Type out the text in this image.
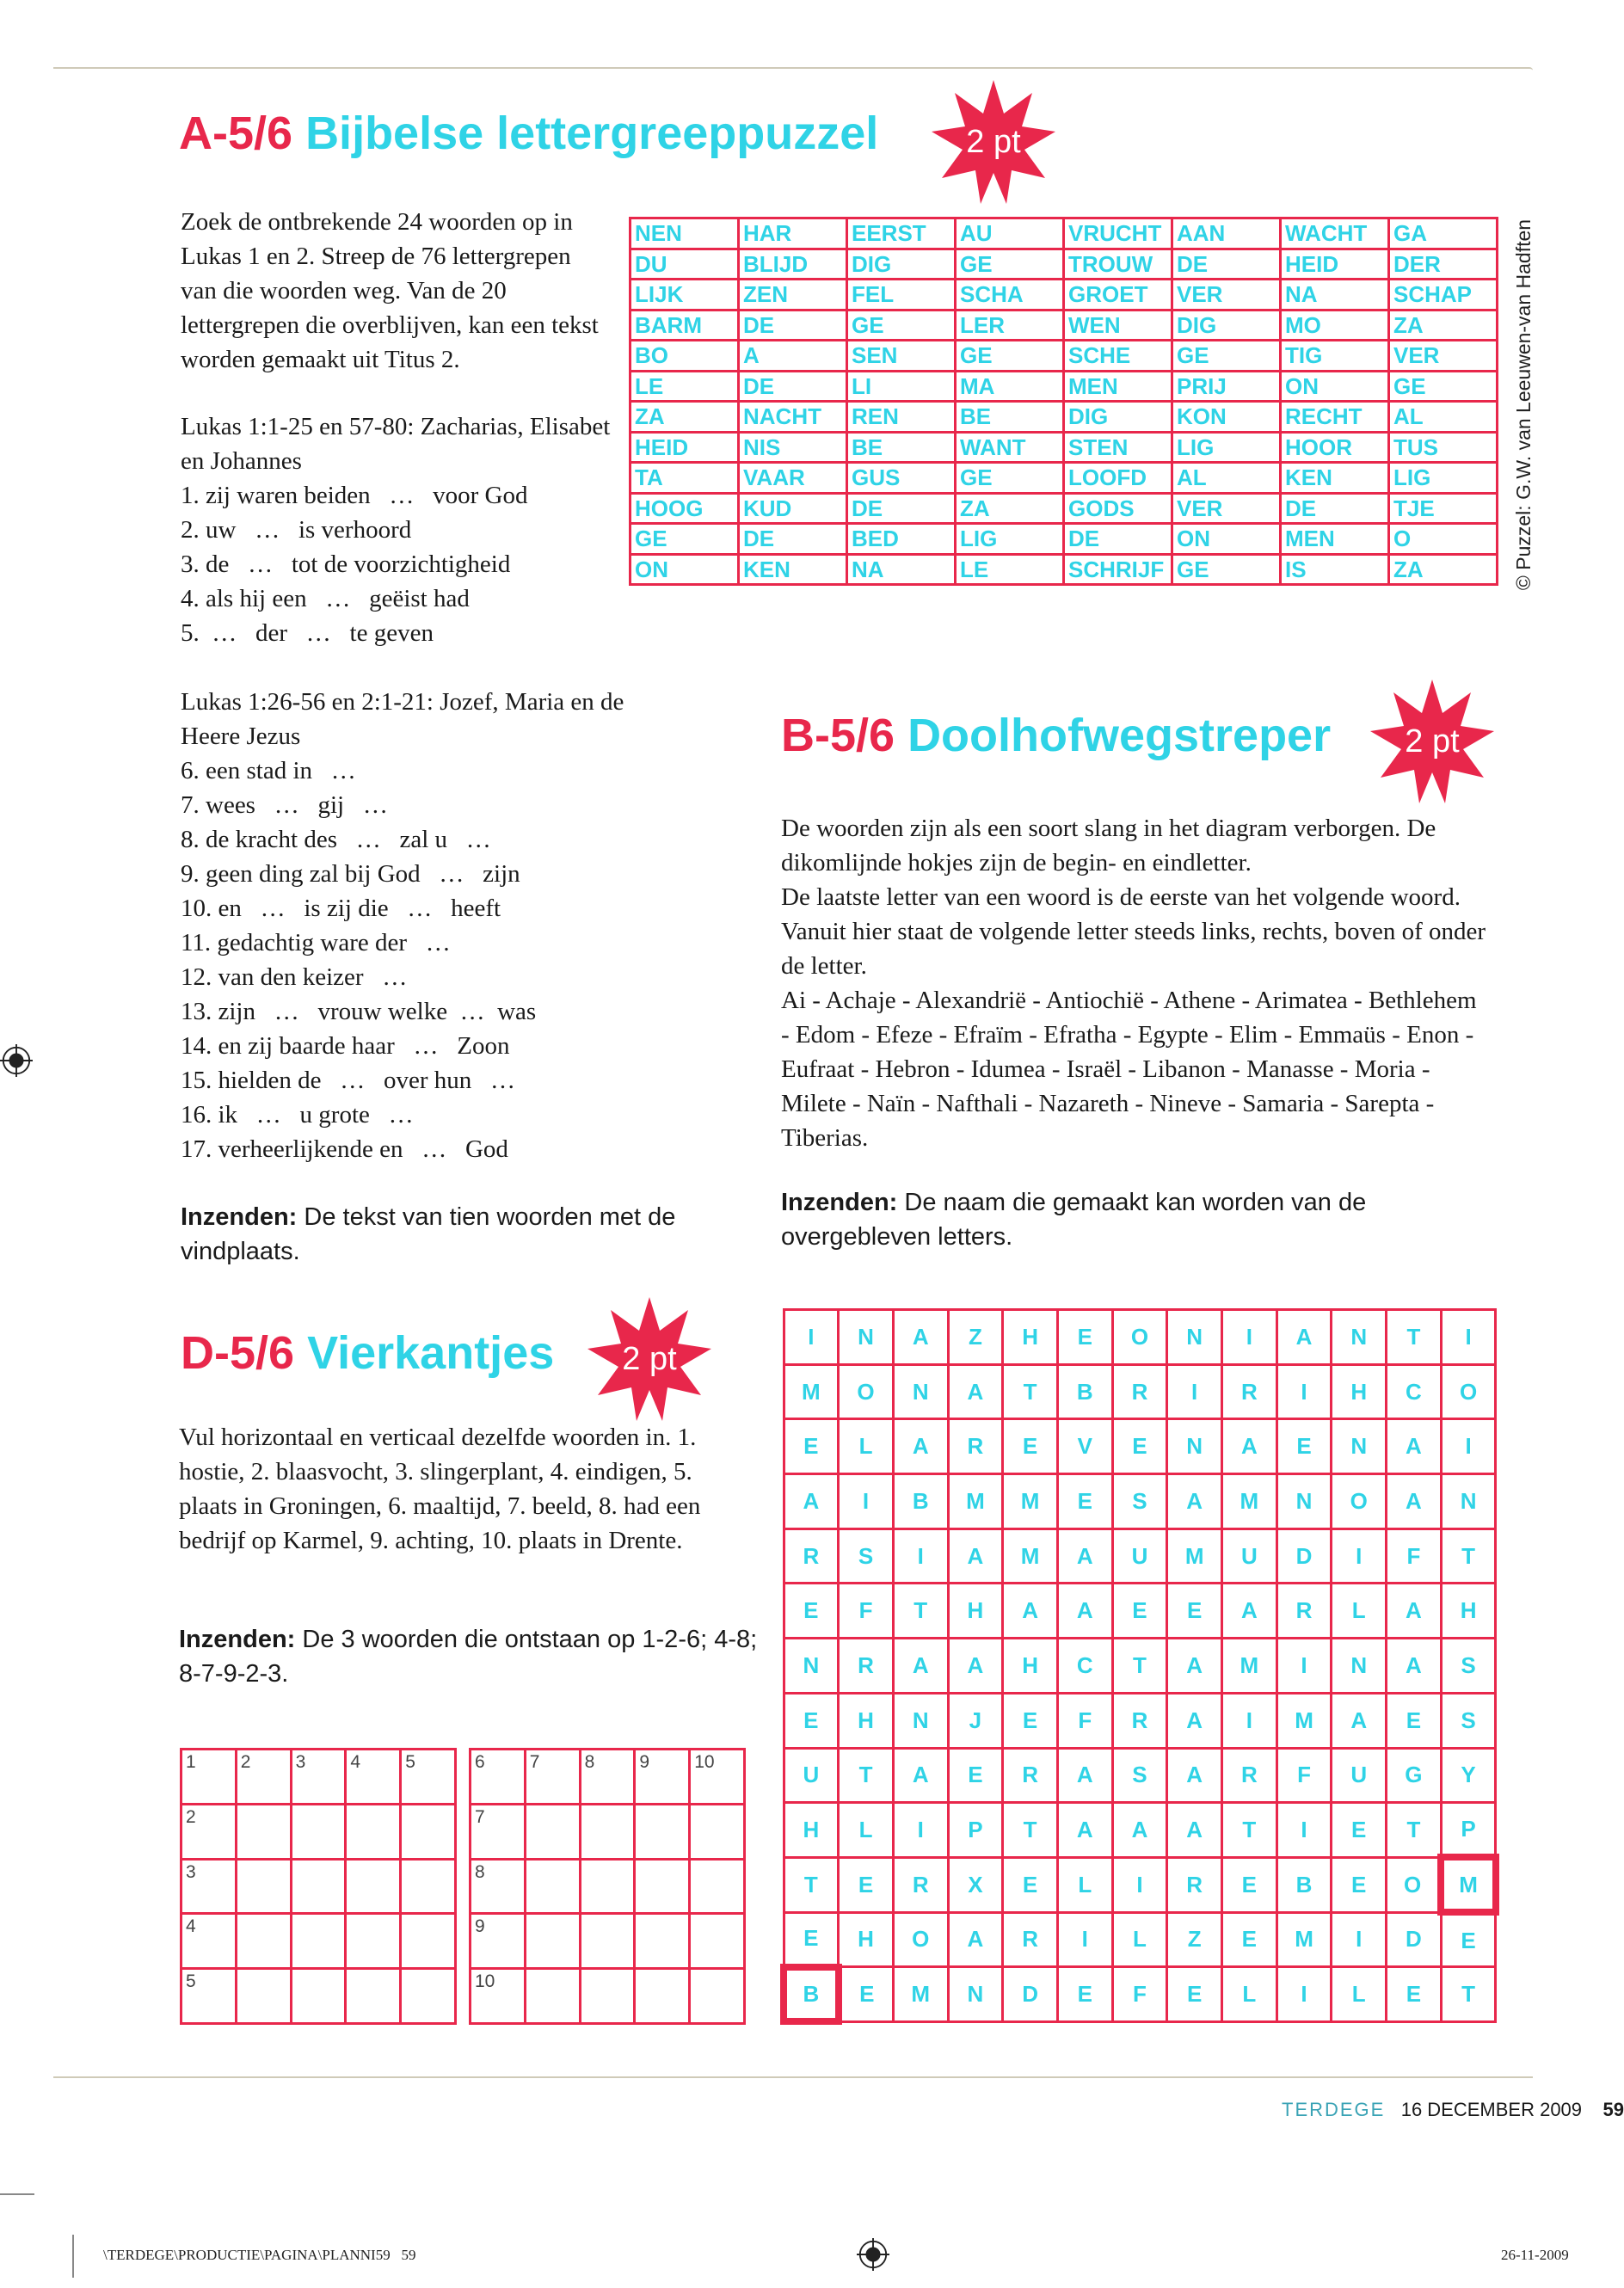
A-5/6 Bijbelse lettergreeppuzzel	2 pt

Zoek de ontbrekende 24 woorden op in Lukas 1 en 2. Streep de 76 lettergrepen van die woorden weg. Van de 20 lettergrepen die overblijven, kan een tekst worden gemaakt uit Titus 2.

Lukas 1:1-25 en 57-80: Zacharias, Elisabet en Johannes

1. zij waren beiden   …   voor God

2. uw   …   is verhoord

3. de   …   tot de voorzichtigheid

4. als hij een   …   geëist had

5.  …   der   …   te geven

Lukas 1:26-56 en 2:1-21: Jozef, Maria en de Heere Jezus

6. een stad in   …

7. wees   …   gij   …

8. de kracht des   …   zal u   …

9. geen ding zal bij God   …   zijn

10. en   …   is zij die   …   heeft

11. gedachtig ware der   …

12. van den keizer   …

13. zijn   …   vrouw welke  …  was

14. en zij baarde haar   …   Zoon

15. hielden de   …   over hun   …

16. ik   …   u grote   …

17. verheerlijkende en   …   God

Inzenden: De tekst van tien woorden met de vindplaats.
NEN	HAR	EERST	AU	VRUCHT	AAN	WACHT	GA
DU	BLIJD	DIG	GE	TROUW	DE	HEID	DER
LIJK	ZEN	FEL	SCHA	GROET	VER	NA	SCHAP
BARM	DE	GE	LER	WEN	DIG	MO	ZA
BO	A	SEN	GE	SCHE	GE	TIG	VER
LE	DE	LI	MA	MEN	PRIJ	ON	GE
ZA	NACHT	REN	BE	DIG	KON	RECHT	AL
HEID	NIS	BE	WANT	STEN	LIG	HOOR	TUS
TA	VAAR	GUS	GE	LOOFD	AL	KEN	LIG
HOOG	KUD	DE	ZA	GODS	VER	DE	TJE
GE	DE	BED	LIG	DE	ON	MEN	O
ON	KEN	NA	LE	SCHRIJF	GE	IS	ZA	© Puzzel: G.W. van Leeuwen-van Hadften
B-5/6 Doolhofwegstreper	2 pt

De woorden zijn als een soort slang in het diagram verborgen. De dikomlijnde hokjes zijn de begin- en eindletter.

De laatste letter van een woord is de eerste van het volgende woord. Vanuit hier staat de volgende letter steeds links, rechts, boven of onder de letter.

Ai - Achaje - Alexandrië - Antiochië - Athene - Arimatea - Bethlehem - Edom - Efeze - Efraïm - Efratha - Egypte - Elim - Emmaüs - Enon - Eufraat - Hebron - Idumea - Israël - Libanon - Manasse - Moria - Milete - Naïn - Nafthali - Nazareth - Nineve - Samaria - Sarepta - Tiberias.

Inzenden: De naam die gemaakt kan worden van de overgebleven letters.
I	N	A	Z	H	E	O	N	I	A	N	T	I
M	O	N	A	T	B	R	I	R	I	H	C	O
E	L	A	R	E	V	E	N	A	E	N	A	I
A	I	B	M	M	E	S	A	M	N	O	A	N
R	S	I	A	M	A	U	M	U	D	I	F	T
E	F	T	H	A	A	E	E	A	R	L	A	H
N	R	A	A	H	C	T	A	M	I	N	A	S
E	H	N	J	E	F	R	A	I	M	A	E	S
U	T	A	E	R	A	S	A	R	F	U	G	Y
H	L	I	P	T	A	A	A	T	I	E	T	P
T	E	R	X	E	L	I	R	E	B	E	O	M
E	H	O	A	R	I	L	Z	E	M	I	D	E
B	E	M	N	D	E	F	E	L	I	L	E	T
D-5/6 Vierkantjes	2 pt

Vul horizontaal en verticaal dezelfde woorden in. 1. hostie, 2. blaasvocht, 3. slingerplant, 4. eindigen, 5. plaats in Groningen, 6. maaltijd, 7. beeld, 8. had een bedrijf op Karmel, 9. achting, 10. plaats in Drente.

Inzenden: De 3 woorden die ontstaan op 1-2-6; 4-8; 8-7-9-2-3.
1	2	3	4	5
2				
3				
4				
5				
6	7	8	9	10
7				
8				
9				
10				
TERDEGE 16 DECEMBER 2009 59
\TERDEGE\PRODUCTIE\PAGINA\PLANNI59   59	26-11-2009
